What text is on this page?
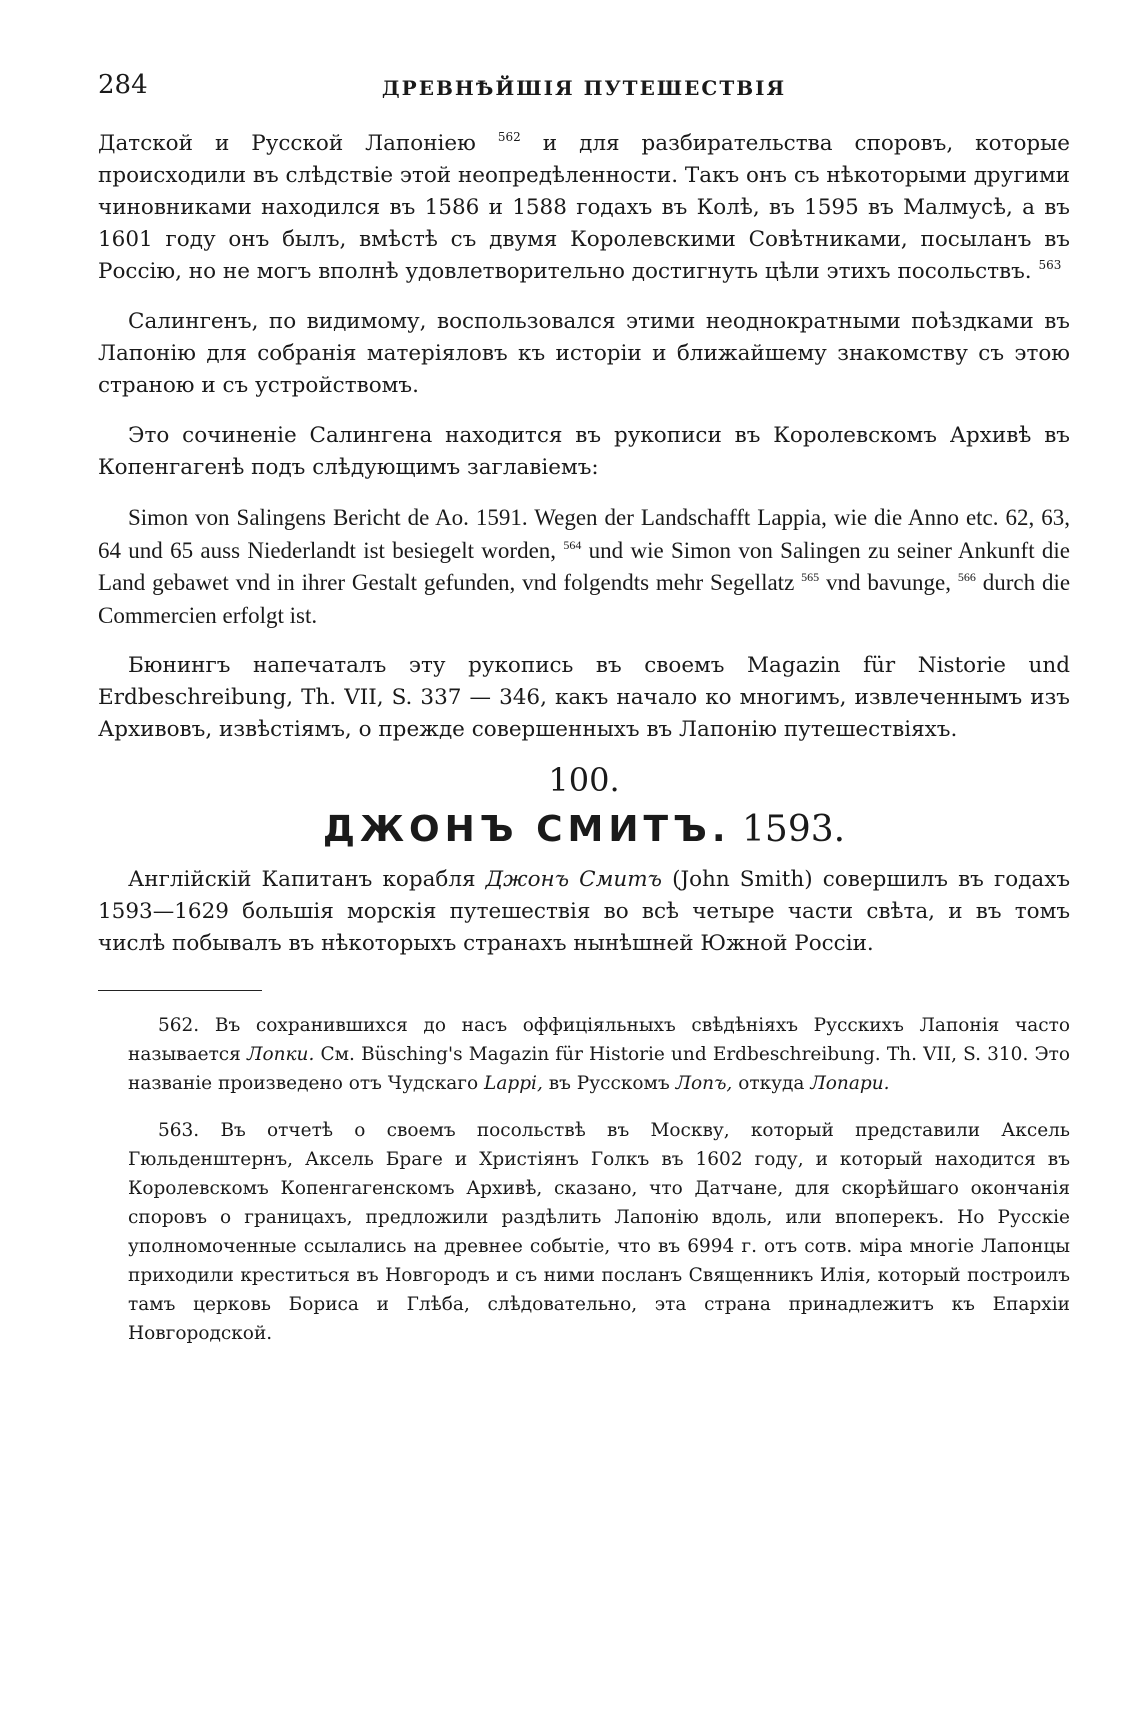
284	ДРЕВНѢЙШІЯ ПУТЕШЕСТВІЯ

Датской и Русской Лапоніею $^{562}$ и для разбирательства споровъ, которые происходили въ слѣдствіе этой неопредѣленности. Такъ онъ съ нѣкоторыми другими чиновниками находился въ 1586 и 1588 годахъ въ Колѣ, въ 1595 въ Малмусѣ, а въ 1601 году онъ былъ, вмѣстѣ съ двумя Королевскими Совѣтниками, посыланъ въ Россію, но не могъ вполнѣ удовлетворительно достигнуть цѣли этихъ посольствъ. $^{563}$

Салингенъ, по видимому, воспользовался этими неоднократными поѣздками въ Лапонію для собранія матеріяловъ къ исторіи и ближайшему знакомству съ этою страною и съ устройствомъ.

Это сочиненіе Салингена находится въ рукописи въ Королевскомъ Архивѣ въ Копенгагенѣ подъ слѣдующимъ заглавіемъ:

Simon von Salingens Bericht de Ao. 1591. Wegen der Landschafft Lappia, wie die Anno etc. 62, 63, 64 und 65 auss Niederlandt ist besiegelt worden, $^{564}$ und wie Simon von Salingen zu seiner Ankunft die Land gebawet vnd in ihrer Gestalt gefunden, vnd folgendts mehr Segellatz $^{565}$ vnd bavunge, $^{566}$ durch die Commercien erfolgt ist.

Бюнингъ напечаталъ эту рукопись въ своемъ Magazin für Nistorie und Erdbeschreibung, Th. VII, S. 337 — 346, какъ начало ко многимъ, извлеченнымъ изъ Архивовъ, извѣстіямъ, о прежде совершенныхъ въ Лапонію путешествіяхъ.

100.

ДЖОНЪ СМИТЪ. 1593.

Англійскій Капитанъ корабля Джонъ Смитъ (John Smith) совершилъ въ годахъ 1593—1629 большія морскія путешествія во всѣ четыре части свѣта, и въ томъ числѣ побывалъ въ нѣкоторыхъ странахъ нынѣшней Южной Россіи.

562. Въ сохранившихся до насъ оффиціяльныхъ свѣдѣніяхъ Русскихъ Лапонія часто называется Лопки. См. Büsching's Magazin für Historie und Erdbeschreibung. Th. VII, S. 310. Это названіе произведено отъ Чудскаго Lappi, въ Русскомъ Лопъ, откуда Лопари.

563. Въ отчетѣ о своемъ посольствѣ въ Москву, который представили Аксель Гюльденштернъ, Аксель Браге и Христіянъ Голкъ въ 1602 году, и который находится въ Королевскомъ Копенгагенскомъ Архивѣ, сказано, что Датчане, для скорѣйшаго окончанія споровъ о границахъ, предложили раздѣлить Лапонію вдоль, или впоперекъ. Но Русскіе уполномоченные ссылались на древнее событіе, что въ 6994 г. отъ сотв. міра многіе Лапонцы приходили креститься въ Новгородъ и съ ними посланъ Священникъ Илія, который построилъ тамъ церковь Бориса и Глѣба, слѣдовательно, эта страна принадлежитъ къ Епархіи Новгородской.
